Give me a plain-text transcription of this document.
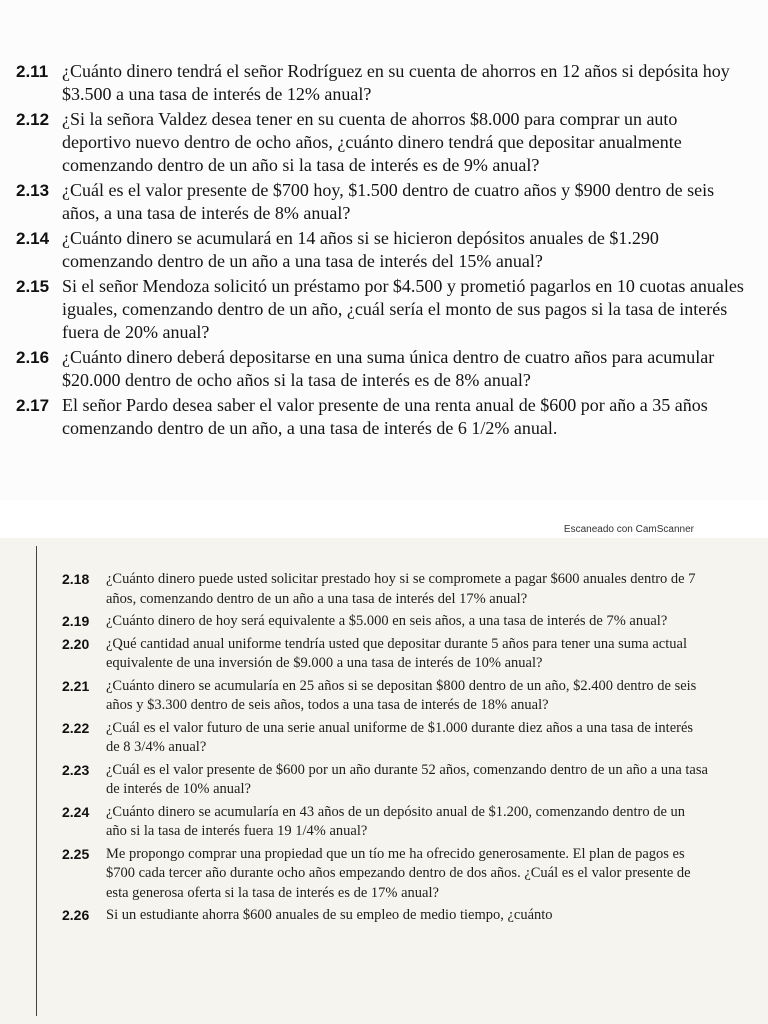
2.11 ¿Cuánto dinero tendrá el señor Rodríguez en su cuenta de ahorros en 12 años si depósita hoy $3.500 a una tasa de interés de 12% anual?
2.12 ¿Si la señora Valdez desea tener en su cuenta de ahorros $8.000 para comprar un auto deportivo nuevo dentro de ocho años, ¿cuánto dinero tendrá que depositar anualmente comenzando dentro de un año si la tasa de interés es de 9% anual?
2.13 ¿Cuál es el valor presente de $700 hoy, $1.500 dentro de cuatro años y $900 dentro de seis años, a una tasa de interés de 8% anual?
2.14 ¿Cuánto dinero se acumulará en 14 años si se hicieron depósitos anuales de $1.290 comenzando dentro de un año a una tasa de interés del 15% anual?
2.15 Si el señor Mendoza solicitó un préstamo por $4.500 y prometió pagarlos en 10 cuotas anuales iguales, comenzando dentro de un año, ¿cuál sería el monto de sus pagos si la tasa de interés fuera de 20% anual?
2.16 ¿Cuánto dinero deberá depositarse en una suma única dentro de cuatro años para acumular $20.000 dentro de ocho años si la tasa de interés es de 8% anual?
2.17 El señor Pardo desea saber el valor presente de una renta anual de $600 por año a 35 años comenzando dentro de un año, a una tasa de interés de 6 1/2% anual.
Escaneado con CamScanner
2.18 ¿Cuánto dinero puede usted solicitar prestado hoy si se compromete a pagar $600 anuales dentro de 7 años, comenzando dentro de un año a una tasa de interés del 17% anual?
2.19 ¿Cuánto dinero de hoy será equivalente a $5.000 en seis años, a una tasa de interés de 7% anual?
2.20 ¿Qué cantidad anual uniforme tendría usted que depositar durante 5 años para tener una suma actual equivalente de una inversión de $9.000 a una tasa de interés de 10% anual?
2.21 ¿Cuánto dinero se acumularía en 25 años si se depositan $800 dentro de un año, $2.400 dentro de seis años y $3.300 dentro de seis años, todos a una tasa de interés de 18% anual?
2.22 ¿Cuál es el valor futuro de una serie anual uniforme de $1.000 durante diez años a una tasa de interés de 8 3/4% anual?
2.23 ¿Cuál es el valor presente de $600 por un año durante 52 años, comenzando dentro de un año a una tasa de interés de 10% anual?
2.24 ¿Cuánto dinero se acumularía en 43 años de un depósito anual de $1.200, comenzando dentro de un año si la tasa de interés fuera 19 1/4% anual?
2.25 Me propongo comprar una propiedad que un tío me ha ofrecido generosamente. El plan de pagos es $700 cada tercer año durante ocho años empezando dentro de dos años. ¿Cuál es el valor presente de esta generosa oferta si la tasa de interés es de 17% anual?
2.26 Si un estudiante ahorra $600 anuales de su empleo de medio tiempo, ¿cuánto
